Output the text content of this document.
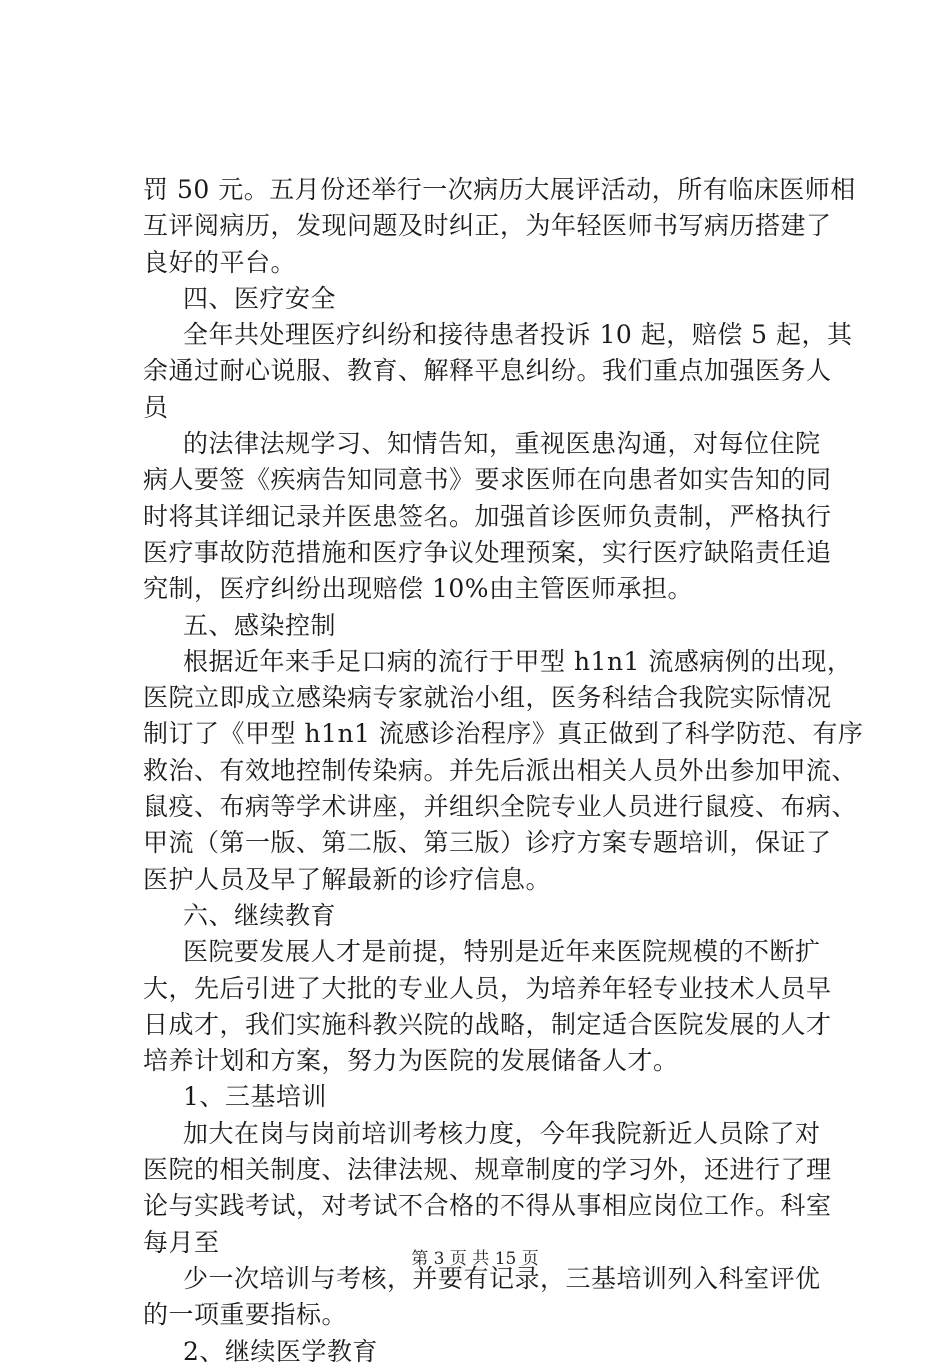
罚 50 元。五月份还举行一次病历大展评活动，所有临床医师相
互评阅病历，发现问题及时纠正，为年轻医师书写病历搭建了
良好的平台。
四、医疗安全
全年共处理医疗纠纷和接待患者投诉 10 起，赔偿 5 起，其
余通过耐心说服、教育、解释平息纠纷。我们重点加强医务人
员
的法律法规学习、知情告知，重视医患沟通，对每位住院
病人要签《疾病告知同意书》要求医师在向患者如实告知的同
时将其详细记录并医患签名。加强首诊医师负责制，严格执行
医疗事故防范措施和医疗争议处理预案，实行医疗缺陷责任追
究制，医疗纠纷出现赔偿 10%由主管医师承担。
五、感染控制
根据近年来手足口病的流行于甲型 h1n1 流感病例的出现，
医院立即成立感染病专家就治小组，医务科结合我院实际情况
制订了《甲型 h1n1 流感诊治程序》真正做到了科学防范、有序
救治、有效地控制传染病。并先后派出相关人员外出参加甲流、
鼠疫、布病等学术讲座，并组织全院专业人员进行鼠疫、布病、
甲流（第一版、第二版、第三版）诊疗方案专题培训，保证了
医护人员及早了解最新的诊疗信息。
六、继续教育
医院要发展人才是前提，特别是近年来医院规模的不断扩
大，先后引进了大批的专业人员，为培养年轻专业技术人员早
日成才，我们实施科教兴院的战略，制定适合医院发展的人才
培养计划和方案，努力为医院的发展储备人才。
1、三基培训
加大在岗与岗前培训考核力度，今年我院新近人员除了对
医院的相关制度、法律法规、规章制度的学习外，还进行了理
论与实践考试，对考试不合格的不得从事相应岗位工作。科室
每月至
少一次培训与考核，并要有记录，三基培训列入科室评优
的一项重要指标。
2、继续医学教育
第 3 页 共 15 页
